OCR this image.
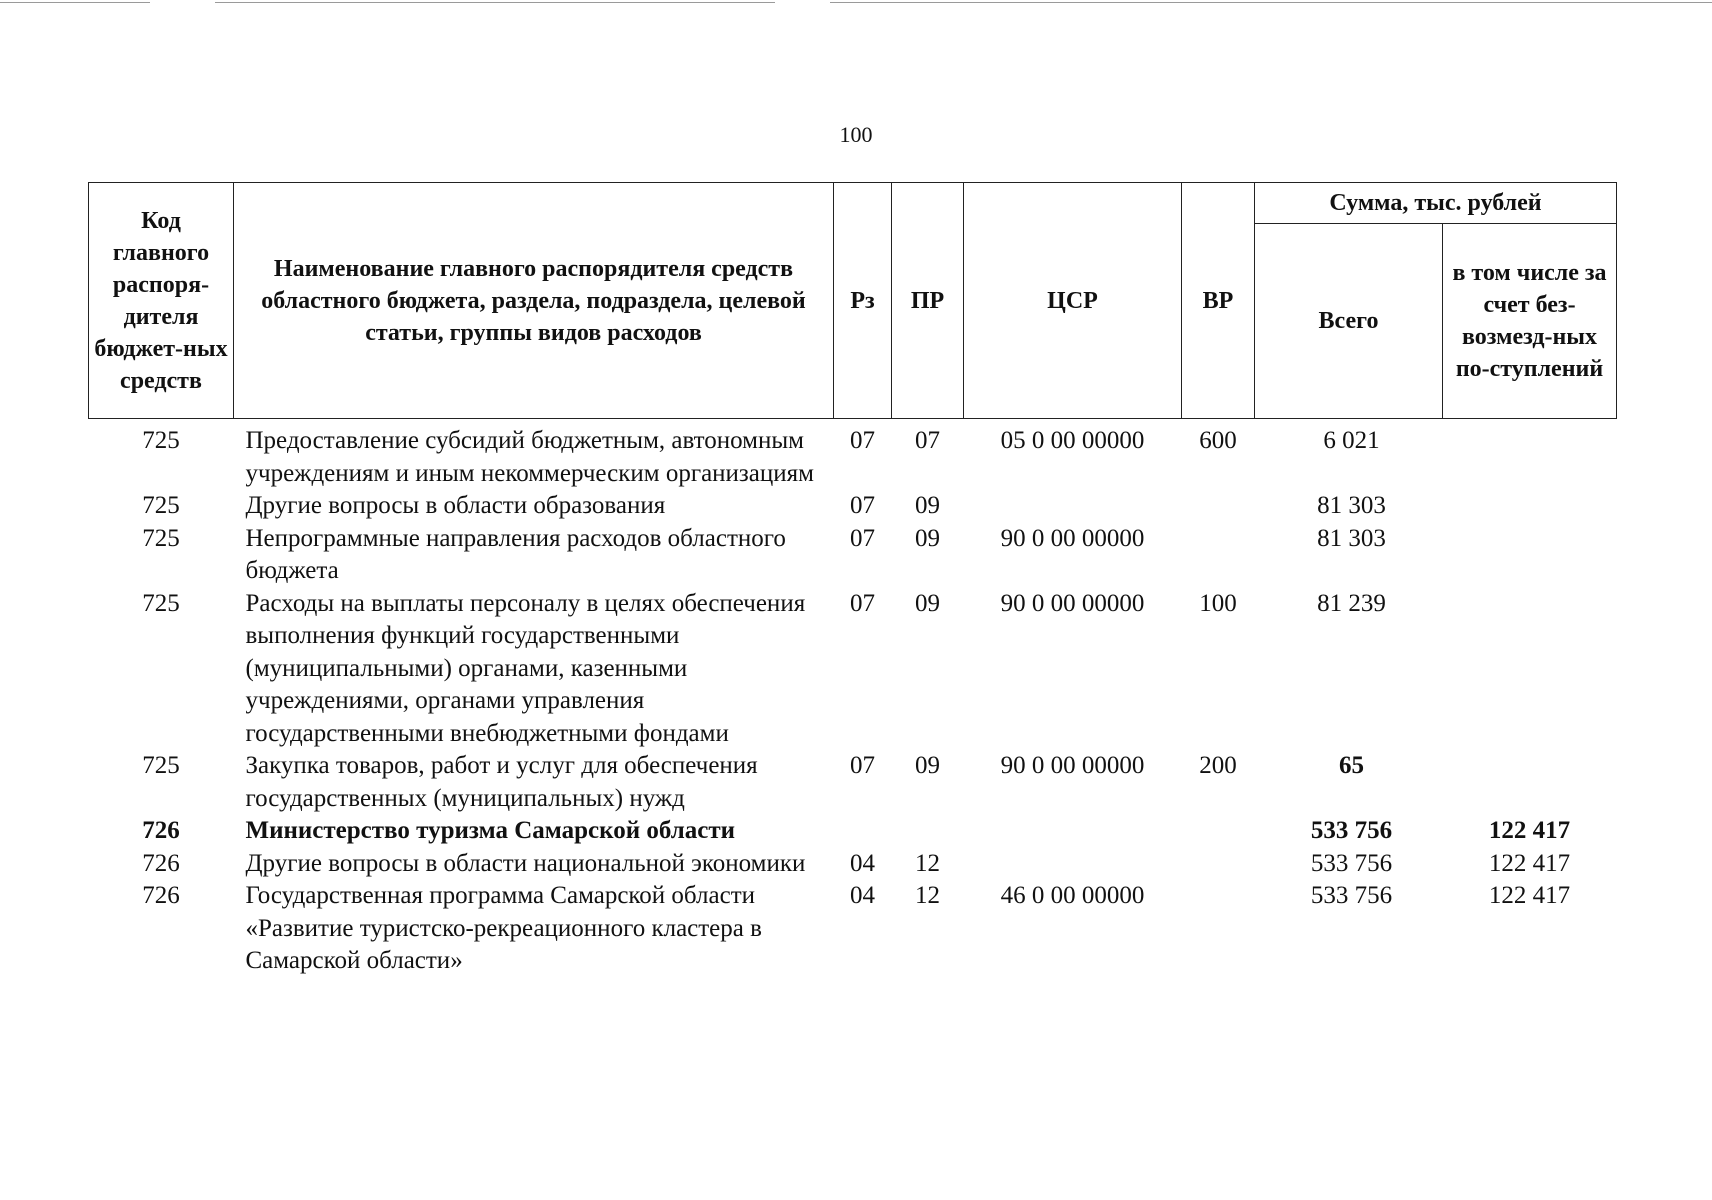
100
Код главного распоря-дителя бюджет-ных средств	Наименование главного распорядителя средств областного бюджета, раздела, подраздела, целевой статьи, группы видов расходов	Рз	ПР	ЦСР	ВР	Сумма, тыс. рублей	
						Всего	в том числе за счет без-возмезд-ных по-ступлений
725	Предоставление субсидий бюджетным, автономным учреждениям и иным некоммерческим организациям	07	07	05 0 00 00000	600	6 021	
725	Другие вопросы в области образования	07	09			81 303	
725	Непрограммные направления расходов областного бюджета	07	09	90 0 00 00000		81 303	
725	Расходы на выплаты персоналу в целях обеспечения выполнения функций государственными (муниципальными) органами, казенными учреждениями, органами управления государственными внебюджетными фондами	07	09	90 0 00 00000	100	81 239	
725	Закупка товаров, работ и услуг для обеспечения государственных (муниципальных) нужд	07	09	90 0 00 00000	200	65	
726	Министерство туризма Самарской области					533 756	122 417
726	Другие вопросы в области национальной экономики	04	12			533 756	122 417
726	Государственная программа Самарской области «Развитие туристско-рекреационного кластера в Самарской области»	04	12	46 0 00 00000		533 756	122 417
